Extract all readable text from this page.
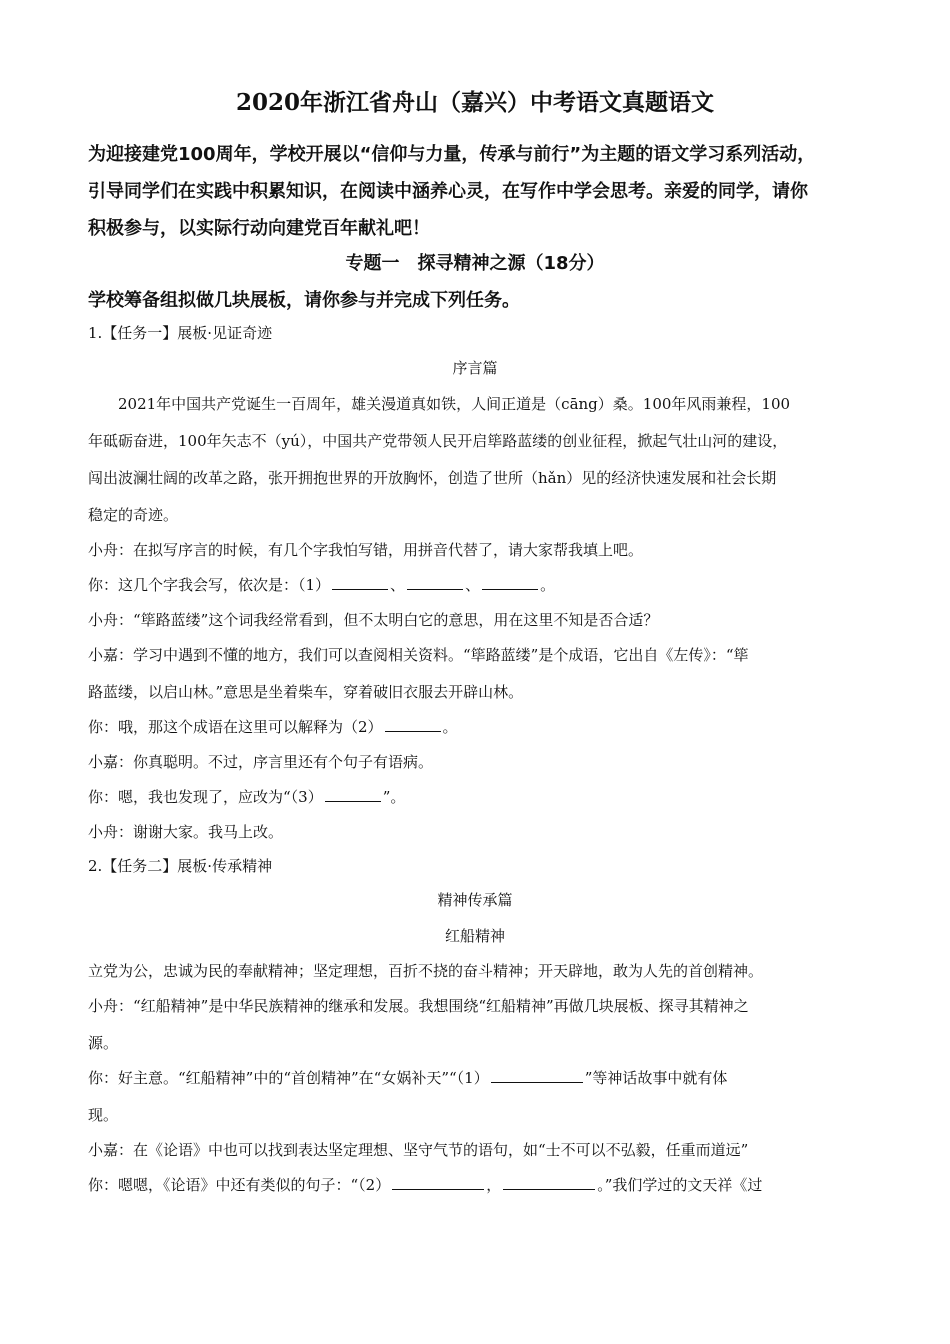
2020年浙江省舟山（嘉兴）中考语文真题语文
为迎接建党100周年，学校开展以“信仰与力量，传承与前行”为主题的语文学习系列活动，
引导同学们在实践中积累知识，在阅读中涵养心灵，在写作中学会思考。亲爱的同学，请你
积极参与，以实际行动向建党百年献礼吧！
专题一　探寻精神之源（18分）
学校筹备组拟做几块展板，请你参与并完成下列任务。
1.【任务一】展板·见证奇迹
序言篇
2021年中国共产党诞生一百周年，雄关漫道真如铁，人间正道是（cāng）桑。100年风雨兼程，100
年砥砺奋进，100年矢志不（yú），中国共产党带领人民开启筚路蓝缕的创业征程，掀起气壮山河的建设，
闯出波澜壮阔的改革之路，张开拥抱世界的开放胸怀，创造了世所（hǎn）见的经济快速发展和社会长期
稳定的奇迹。
小舟：在拟写序言的时候，有几个字我怕写错，用拼音代替了，请大家帮我填上吧。
你：这几个字我会写，依次是：（1）	、	、	。
小舟：“筚路蓝缕”这个词我经常看到，但不太明白它的意思，用在这里不知是否合适？
小嘉：学习中遇到不懂的地方，我们可以查阅相关资料。“筚路蓝缕”是个成语，它出自《左传》：“筚
路蓝缕，以启山林。”意思是坐着柴车，穿着破旧衣服去开辟山林。
你：哦，那这个成语在这里可以解释为（2）	。
小嘉：你真聪明。不过，序言里还有个句子有语病。
你：嗯，我也发现了，应改为“（3）	”。
小舟：谢谢大家。我马上改。
2.【任务二】展板·传承精神
精神传承篇
红船精神
立党为公，忠诚为民的奉献精神；坚定理想，百折不挠的奋斗精神；开天辟地，敢为人先的首创精神。
小舟：“红船精神”是中华民族精神的继承和发展。我想围绕“红船精神”再做几块展板、探寻其精神之
源。
你：好主意。“红船精神”中的“首创精神”在“女娲补天”“（1）	”等神话故事中就有体
现。
小嘉：在《论语》中也可以找到表达坚定理想、坚守气节的语句，如“士不可以不弘毅，任重而道远”
你：嗯嗯，《论语》中还有类似的句子：“（2）	，	。”我们学过的文天祥《过
